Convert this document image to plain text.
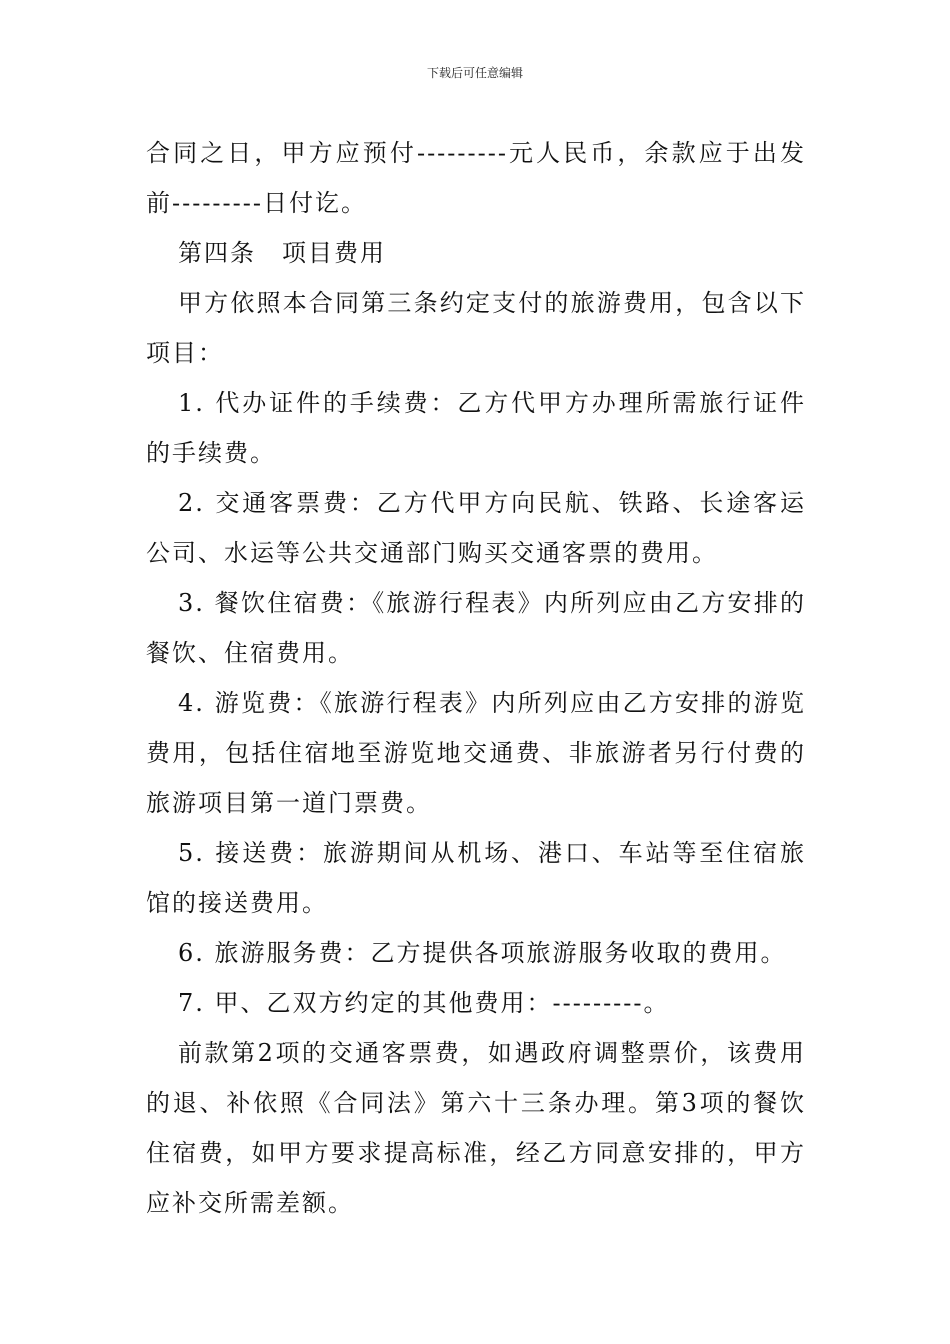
下载后可任意编辑

合同之日，甲方应预付---------元人民币，余款应于出发前---------日付讫。

第四条　项目费用

甲方依照本合同第三条约定支付的旅游费用，包含以下项目：

1. 代办证件的手续费：乙方代甲方办理所需旅行证件的手续费。

2. 交通客票费：乙方代甲方向民航、铁路、长途客运公司、水运等公共交通部门购买交通客票的费用。

3. 餐饮住宿费：《旅游行程表》内所列应由乙方安排的餐饮、住宿费用。

4. 游览费：《旅游行程表》内所列应由乙方安排的游览费用，包括住宿地至游览地交通费、非旅游者另行付费的旅游项目第一道门票费。

5. 接送费：旅游期间从机场、港口、车站等至住宿旅馆的接送费用。

6. 旅游服务费：乙方提供各项旅游服务收取的费用。

7. 甲、乙双方约定的其他费用：---------。

前款第2项的交通客票费，如遇政府调整票价，该费用的退、补依照《合同法》第六十三条办理。第3项的餐饮住宿费，如甲方要求提高标准，经乙方同意安排的，甲方应补交所需差额。
